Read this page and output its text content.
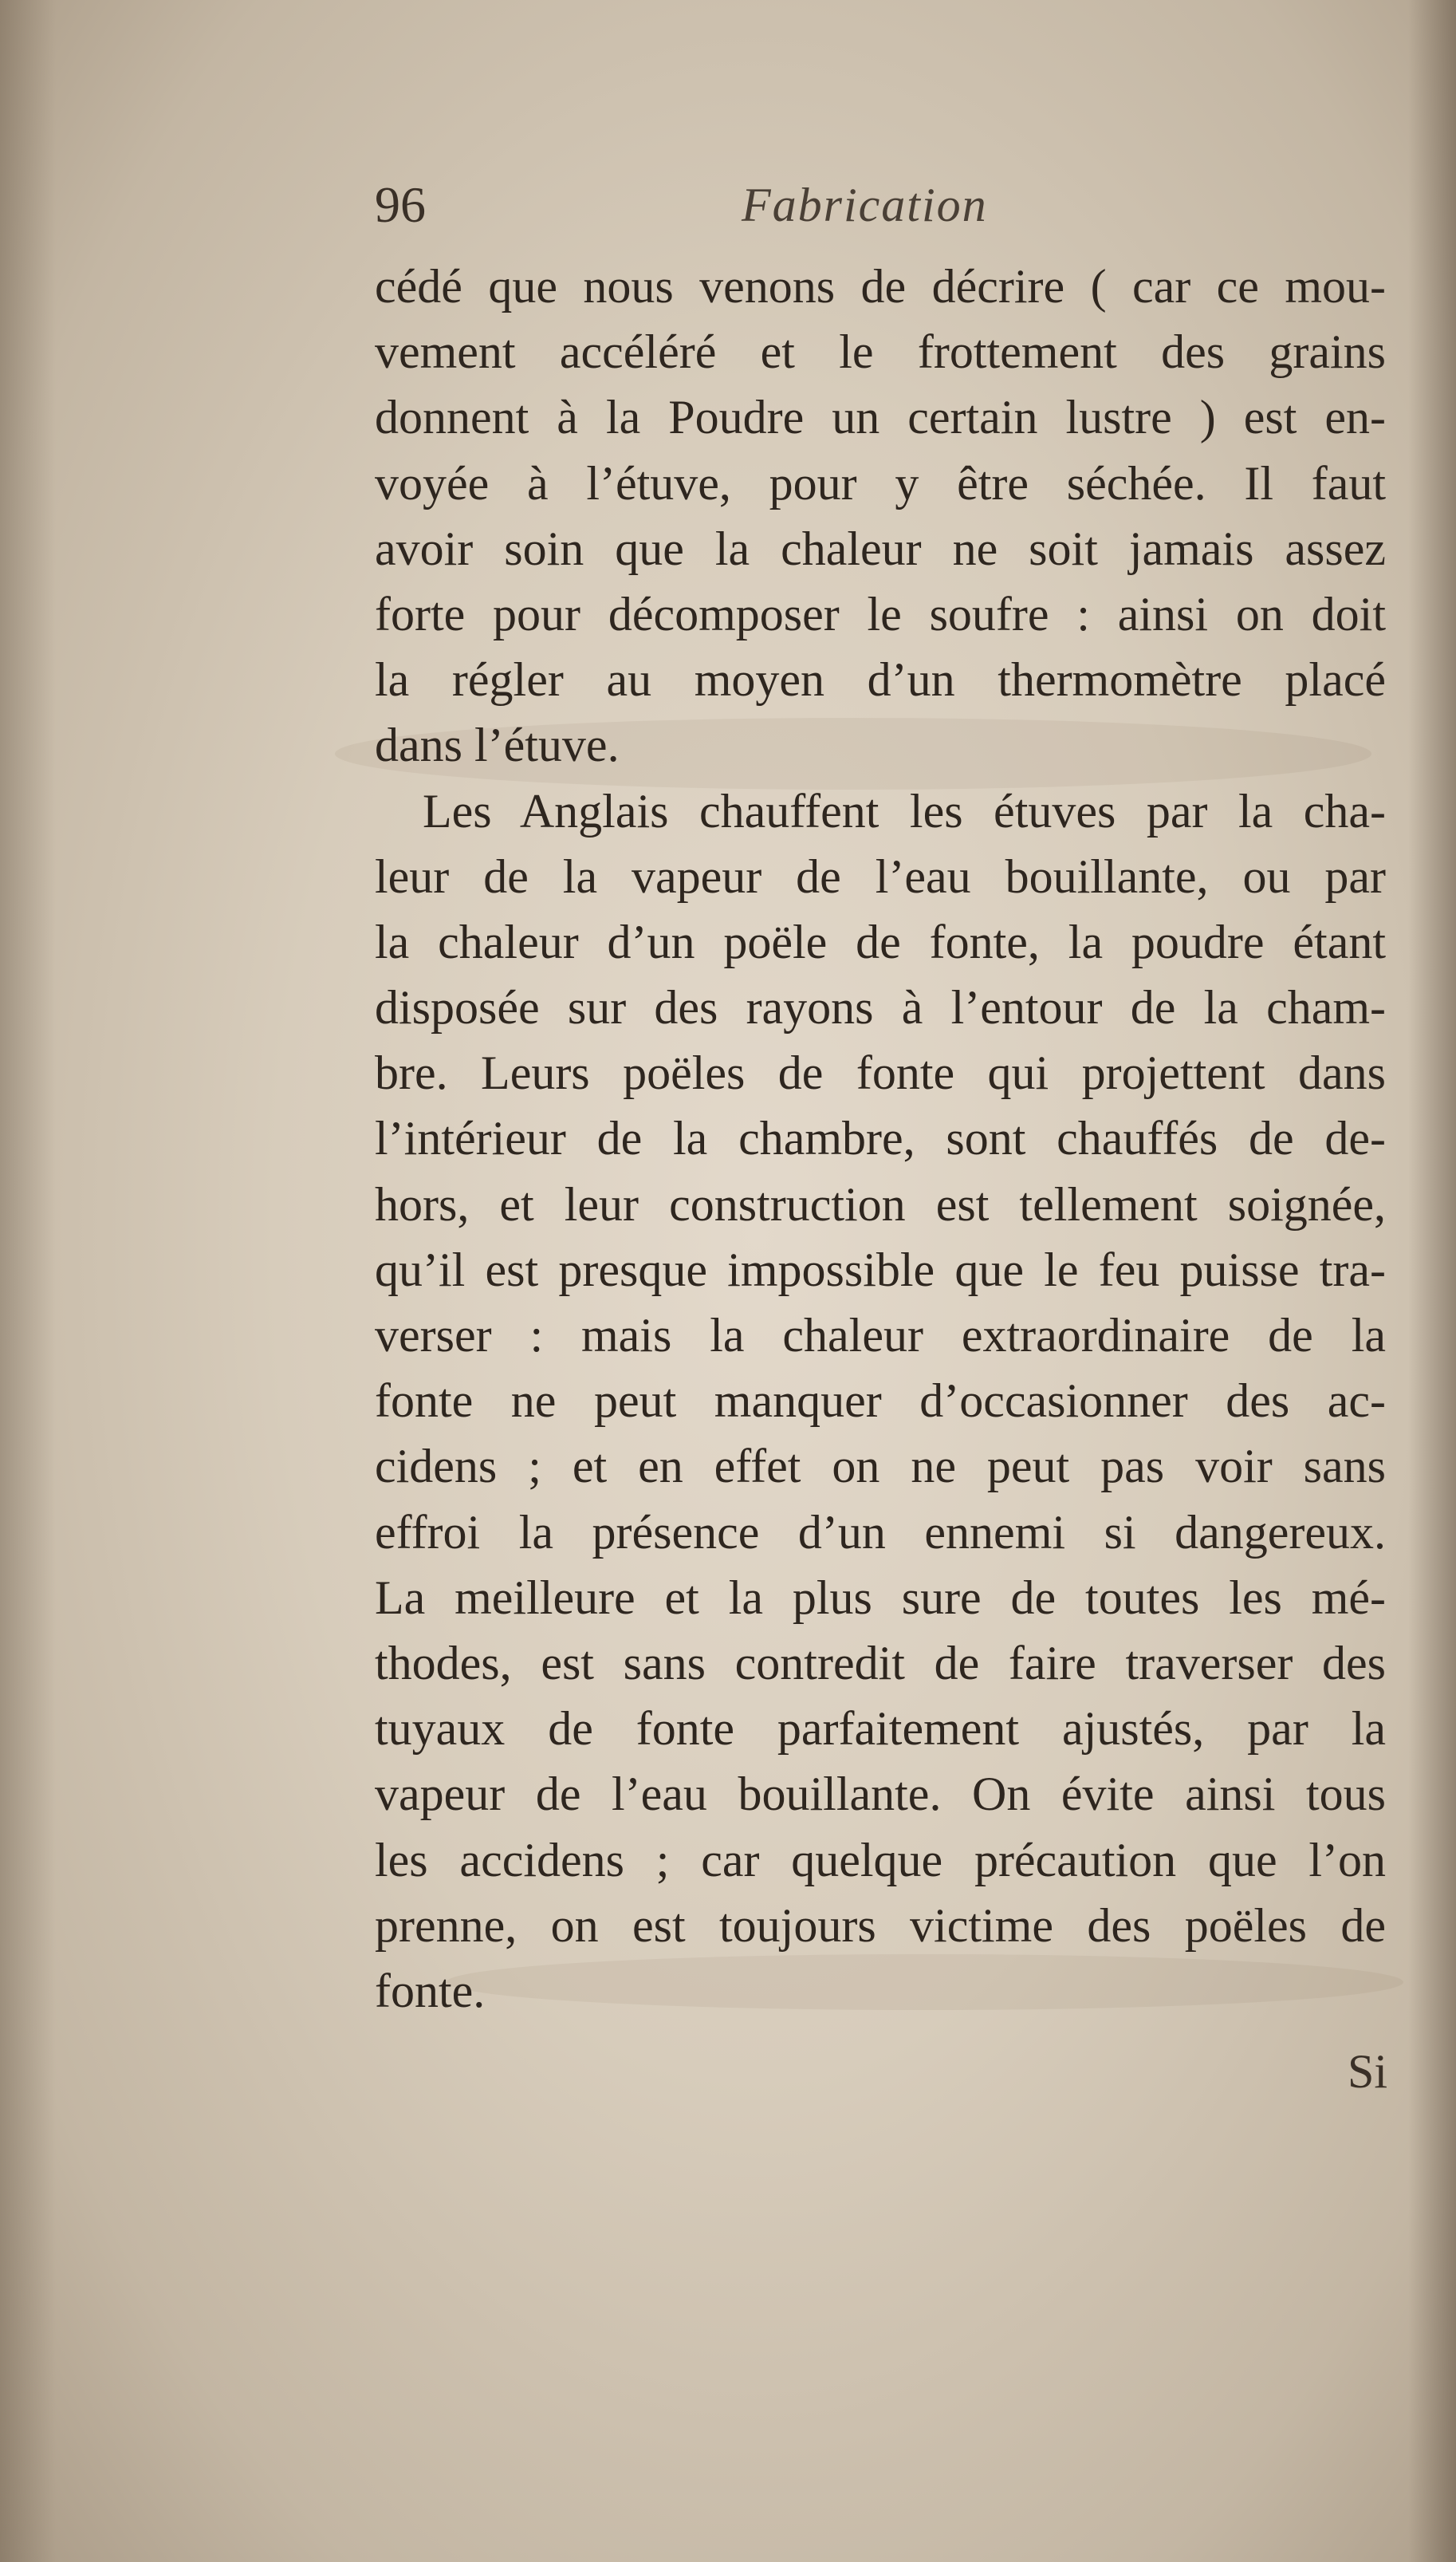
96	Fabrication
cédé que nous venons de décrire ( car ce mou-
vement accéléré et le frottement des grains
donnent à la Poudre un certain lustre ) est en-
voyée à l’étuve, pour y être séchée. Il faut
avoir soin que la chaleur ne soit jamais assez
forte pour décomposer le soufre : ainsi on doit
la régler au moyen d’un thermomètre placé
dans l’étuve.
Les Anglais chauffent les étuves par la cha-
leur de la vapeur de l’eau bouillante, ou par
la chaleur d’un poële de fonte, la poudre étant
disposée sur des rayons à l’entour de la cham-
bre. Leurs poëles de fonte qui projettent dans
l’intérieur de la chambre, sont chauffés de de-
hors, et leur construction est tellement soignée,
qu’il est presque impossible que le feu puisse tra-
verser : mais la chaleur extraordinaire de la
fonte ne peut manquer d’occasionner des ac-
cidens ; et en effet on ne peut pas voir sans
effroi la présence d’un ennemi si dangereux.
La meilleure et la plus sure de toutes les mé-
thodes, est sans contredit de faire traverser des
tuyaux de fonte parfaitement ajustés, par la
vapeur de l’eau bouillante. On évite ainsi tous
les accidens ; car quelque précaution que l’on
prenne, on est toujours victime des poëles de
fonte.
Si
